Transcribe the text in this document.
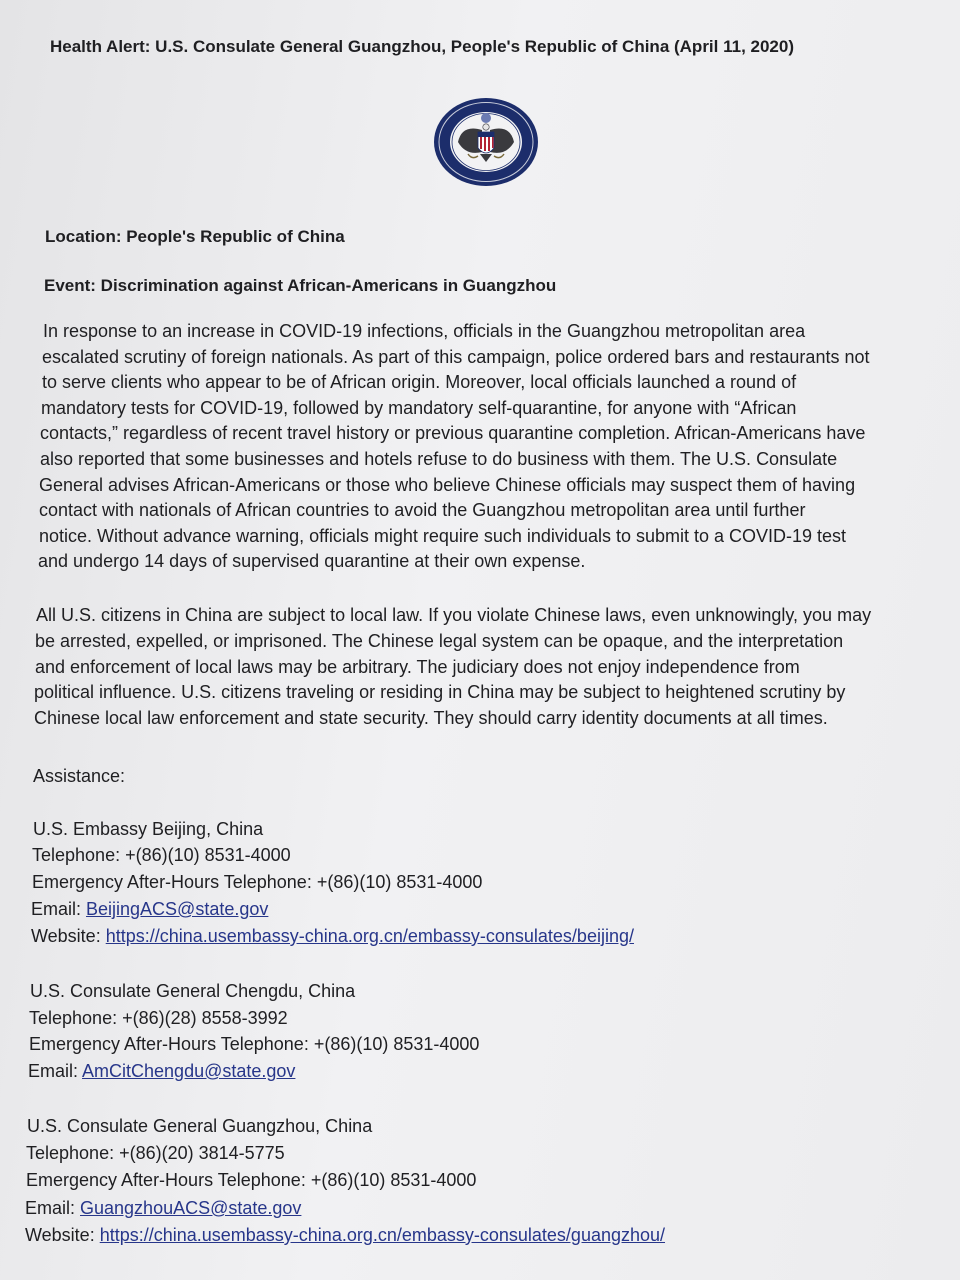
Health Alert: U.S. Consulate General Guangzhou, People's Republic of China (April 11, 2020)
Location: People's Republic of China
Event: Discrimination against African-Americans in Guangzhou
In response to an increase in COVID-19 infections, officials in the Guangzhou metropolitan area
escalated scrutiny of foreign nationals. As part of this campaign, police ordered bars and restaurants not
to serve clients who appear to be of African origin. Moreover, local officials launched a round of
mandatory tests for COVID-19, followed by mandatory self-quarantine, for anyone with “African
contacts,” regardless of recent travel history or previous quarantine completion. African-Americans have
also reported that some businesses and hotels refuse to do business with them. The U.S. Consulate
General advises African-Americans or those who believe Chinese officials may suspect them of having
contact with nationals of African countries to avoid the Guangzhou metropolitan area until further
notice. Without advance warning, officials might require such individuals to submit to a COVID-19 test
and undergo 14 days of supervised quarantine at their own expense.
All U.S. citizens in China are subject to local law. If you violate Chinese laws, even unknowingly, you may
be arrested, expelled, or imprisoned. The Chinese legal system can be opaque, and the interpretation
and enforcement of local laws may be arbitrary. The judiciary does not enjoy independence from
political influence. U.S. citizens traveling or residing in China may be subject to heightened scrutiny by
Chinese local law enforcement and state security. They should carry identity documents at all times.
Assistance:
U.S. Embassy Beijing, China
Telephone: +(86)(10) 8531-4000
Emergency After-Hours Telephone: +(86)(10) 8531-4000
Email: BeijingACS@state.gov
Website: https://china.usembassy-china.org.cn/embassy-consulates/beijing/
U.S. Consulate General Chengdu, China
Telephone: +(86)(28) 8558-3992
Emergency After-Hours Telephone: +(86)(10) 8531-4000
Email: AmCitChengdu@state.gov
U.S. Consulate General Guangzhou, China
Telephone: +(86)(20) 3814-5775
Emergency After-Hours Telephone: +(86)(10) 8531-4000
Email: GuangzhouACS@state.gov
Website: https://china.usembassy-china.org.cn/embassy-consulates/guangzhou/
